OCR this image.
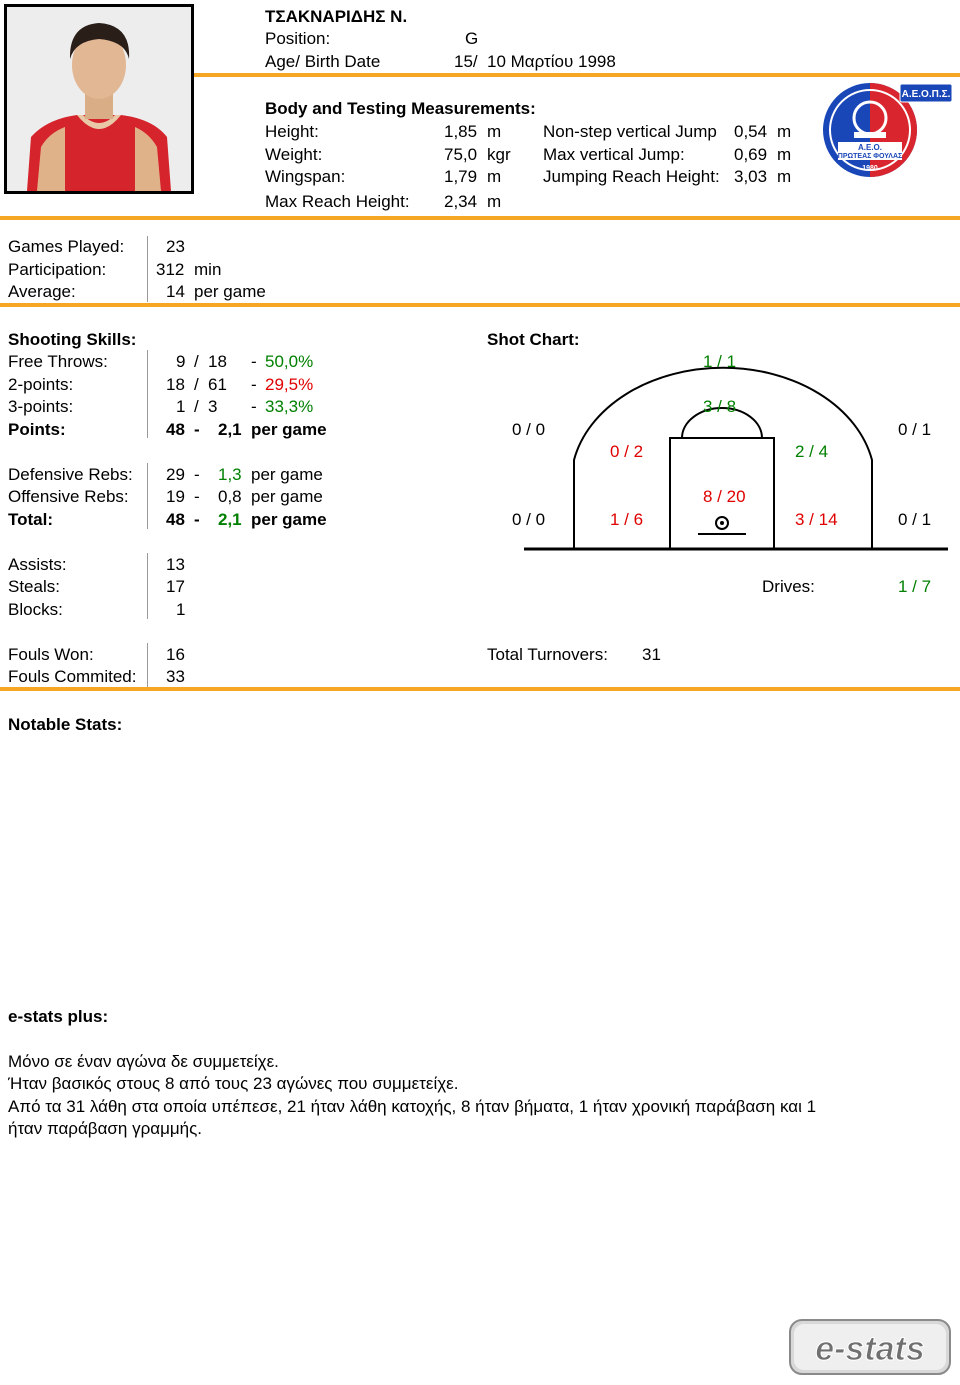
ΤΣΑΚΝΑΡΙΔΗΣ Ν.
Position:	G
Age/ Birth Date	15/ 10 Μαρτίου 1998
Body and Testing Measurements:
Height:	1,85 m
Weight:	75,0 kgr
Wingspan:	1,79 m
Max Reach Height: 2,34 m
Non-step vertical Jump 0,54 m
Max vertical Jump:	0,69 m
Jumping Reach Height: 3,03 m
Α.Ε.Ο.
ΠΡΩΤΕΑΣ ΦΟΥΛΑΣ
1980
Α.Ε.Ο.Π.Σ.
Games Played: 23
Participation:	312 min
Average:	14 per game
Shooting Skills:
Free Throws:	9 / 18 - 50,0%
2-points:	18 / 61 - 29,5%
3-points:	1 / 3 - 33,3%
Points:	48 - 2,1 per game
Defensive Rebs: 29 - 1,3 per game
Offensive Rebs: 19 - 0,8 per game
Total:	48 - 2,1 per game
Shot Chart:
1 / 1
3 / 8
0 / 0	0 / 1
0 / 2	2 / 4
8 / 20
0 / 0	1 / 6	3 / 14	0 / 1
Assists:	13
Steals:	17
Blocks:	1
Drives:	1 / 7
Fouls Won:	16
Fouls Commited: 33
Total Turnovers: 31
Notable Stats:
e-stats plus:
Μόνο σε έναν αγώνα δε συμμετείχε.
Ήταν βασικός στους 8 από τους 23 αγώνες που συμμετείχε.
Από τα 31 λάθη στα οποία υπέπεσε, 21 ήταν λάθη κατοχής, 8 ήταν βήματα, 1 ήταν χρονική παράβαση και 1
ήταν παράβαση γραμμής.
e-stats
